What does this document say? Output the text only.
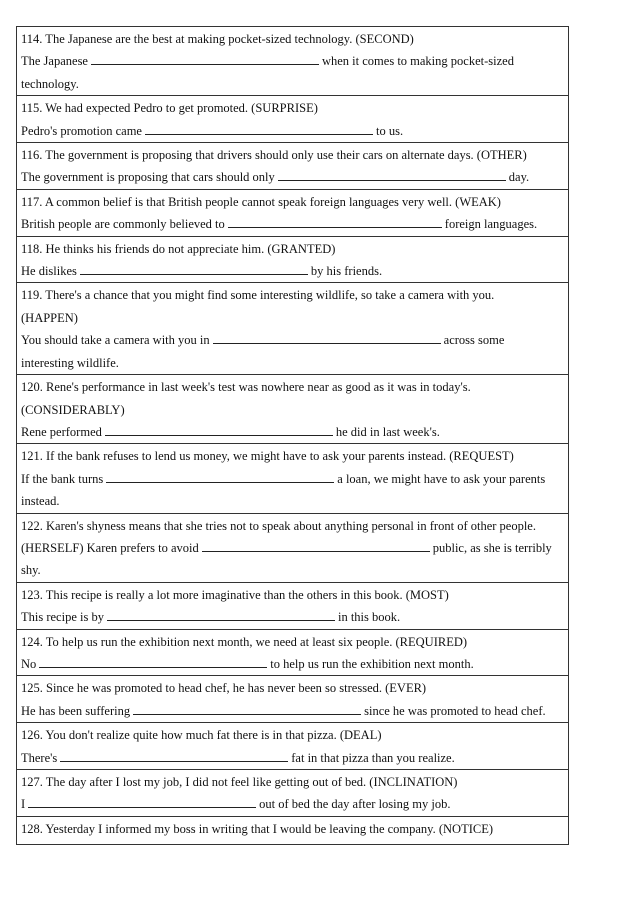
114. The Japanese are the best at making pocket-sized technology. (SECOND)

The Japanese	when it comes to making pocket-sized

technology.

115. We had expected Pedro to get promoted. (SURPRISE)

Pedro's promotion came	to us.

116. The government is proposing that drivers should only use their cars on alternate days. (OTHER)

The government is proposing that cars should only	day.

117. A common belief is that British people cannot speak foreign languages very well. (WEAK)

British people are commonly believed to	foreign languages.

118. He thinks his friends do not appreciate him. (GRANTED)

He dislikes	by his friends.

119. There's a chance that you might find some interesting wildlife, so take a camera with you.

(HAPPEN)

You should take a camera with you in	across some

interesting wildlife.

120. Rene's performance in last week's test was nowhere near as good as it was in today's.

(CONSIDERABLY)

Rene performed	he did in last week's.

121. If the bank refuses to lend us money, we might have to ask your parents instead. (REQUEST)

If the bank turns	a loan, we might have to ask your parents

instead.

122. Karen's shyness means that she tries not to speak about anything personal in front of other people.

(HERSELF) Karen prefers to avoid	public, as she is terribly

shy.

123. This recipe is really a lot more imaginative than the others in this book. (MOST)

This recipe is by	in this book.

124. To help us run the exhibition next month, we need at least six people. (REQUIRED)

No	to help us run the exhibition next month.

125. Since he was promoted to head chef, he has never been so stressed. (EVER)

He has been suffering	since he was promoted to head chef.

126. You don't realize quite how much fat there is in that pizza. (DEAL)

There's	fat in that pizza than you realize.

127. The day after I lost my job, I did not feel like getting out of bed. (INCLINATION)

I	out of bed the day after losing my job.

128. Yesterday I informed my boss in writing that I would be leaving the company. (NOTICE)
